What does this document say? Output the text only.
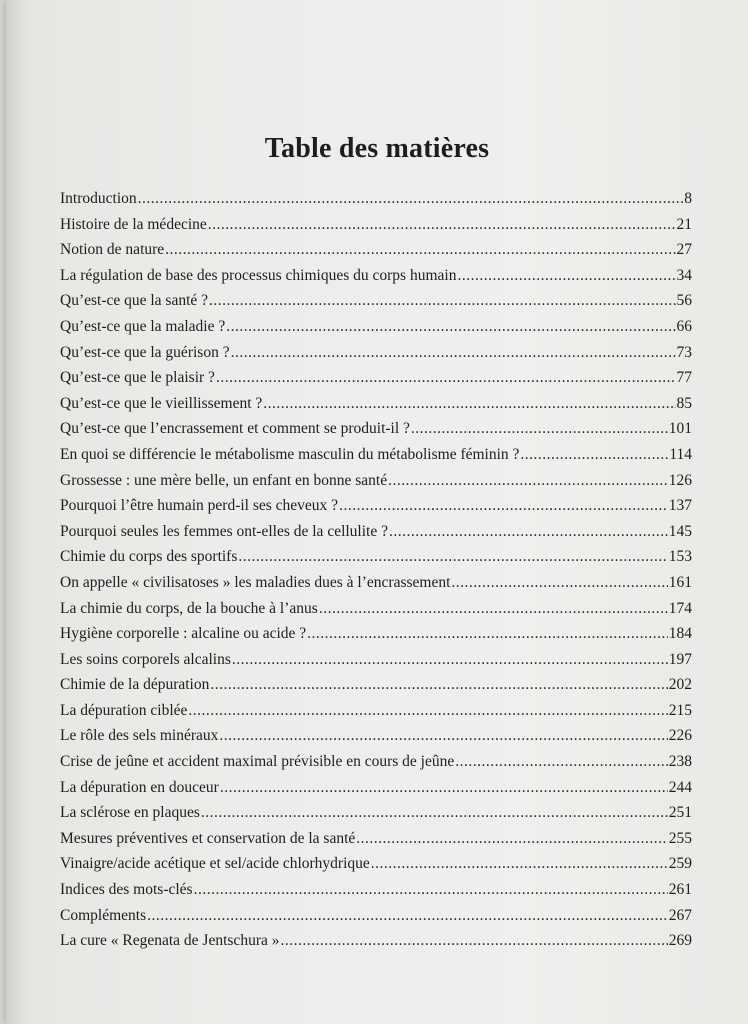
Table des matières
Introduction .....	8
Histoire de la médecine .....	21
Notion de nature .....	27
La régulation de base des processus chimiques du corps humain .....	34
Qu’est-ce que la santé ? .....	56
Qu’est-ce que la maladie ? .....	66
Qu’est-ce que la guérison ? .....	73
Qu’est-ce que le plaisir ? .....	77
Qu’est-ce que le vieillissement ? .....	85
Qu’est-ce que l’encrassement et comment se produit-il ? .....	101
En quoi se différencie le métabolisme masculin du métabolisme féminin ? .....	114
Grossesse : une mère belle, un enfant en bonne santé .....	126
Pourquoi l’être humain perd-il ses cheveux ? .....	137
Pourquoi seules les femmes ont-elles de la cellulite ? .....	145
Chimie du corps des sportifs .....	153
On appelle « civilisatoses » les maladies dues à l’encrassement .....	161
La chimie du corps, de la bouche à l’anus .....	174
Hygiène corporelle : alcaline ou acide ? .....	184
Les soins corporels alcalins .....	197
Chimie de la dépuration .....	202
La dépuration ciblée .....	215
Le rôle des sels minéraux .....	226
Crise de jeûne et accident maximal prévisible en cours de jeûne .....	238
La dépuration en douceur .....	244
La sclérose en plaques .....	251
Mesures préventives et conservation de la santé .....	255
Vinaigre/acide acétique et sel/acide chlorhydrique .....	259
Indices des mots-clés .....	261
Compléments .....	267
La cure « Regenata de Jentschura » .....	269
